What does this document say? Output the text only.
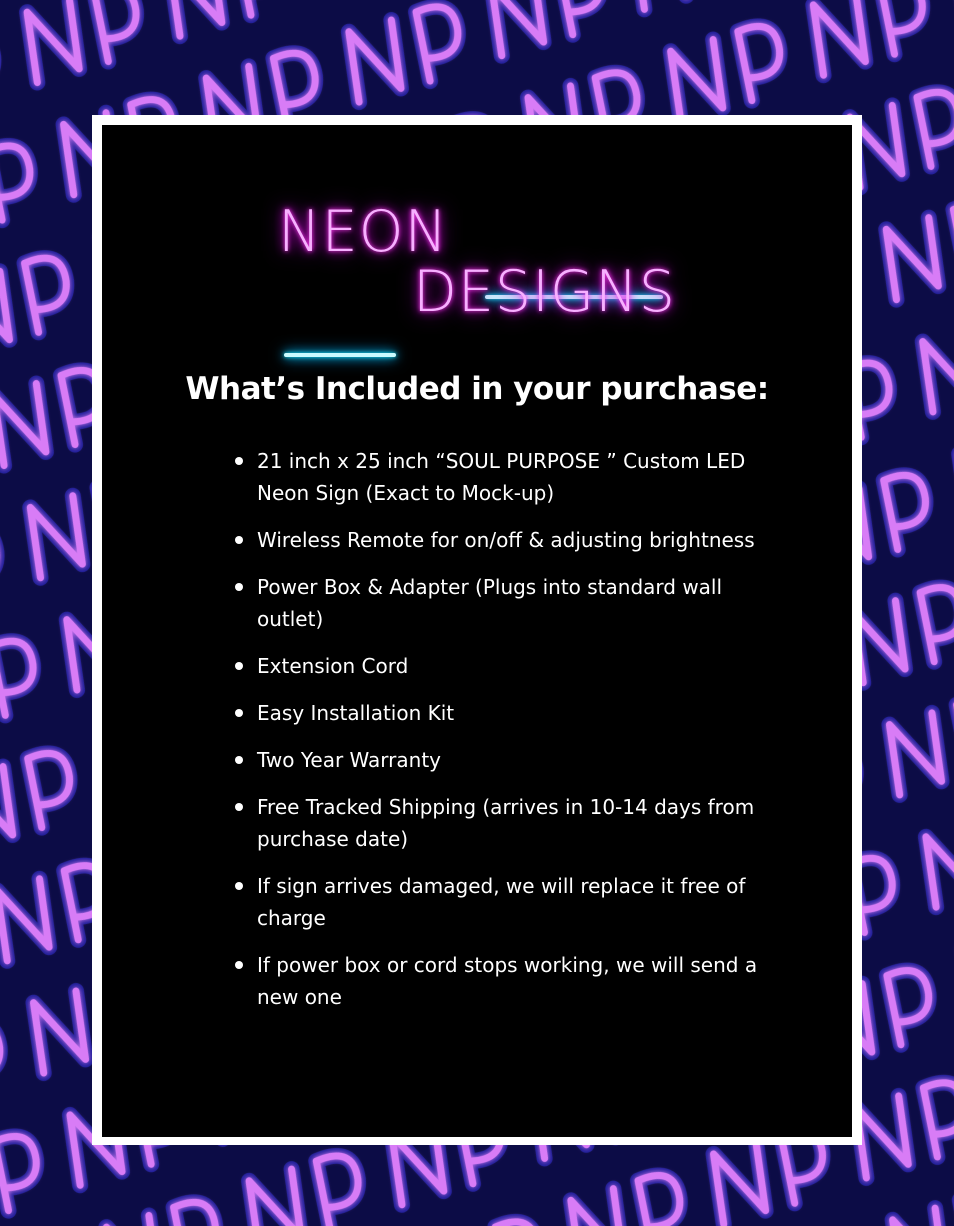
NEON
DESIGNS
What’s Included in your purchase:
21 inch x 25 inch “SOUL PURPOSE ” Custom LED Neon Sign (Exact to Mock-up)
Wireless Remote for on/off & adjusting brightness
Power Box & Adapter (Plugs into standard wall outlet)
Extension Cord
Easy Installation Kit
Two Year Warranty
Free Tracked Shipping (arrives in 10-14 days from purchase date)
If sign arrives damaged, we will replace it free of charge
If power box or cord stops working, we will send a new one
